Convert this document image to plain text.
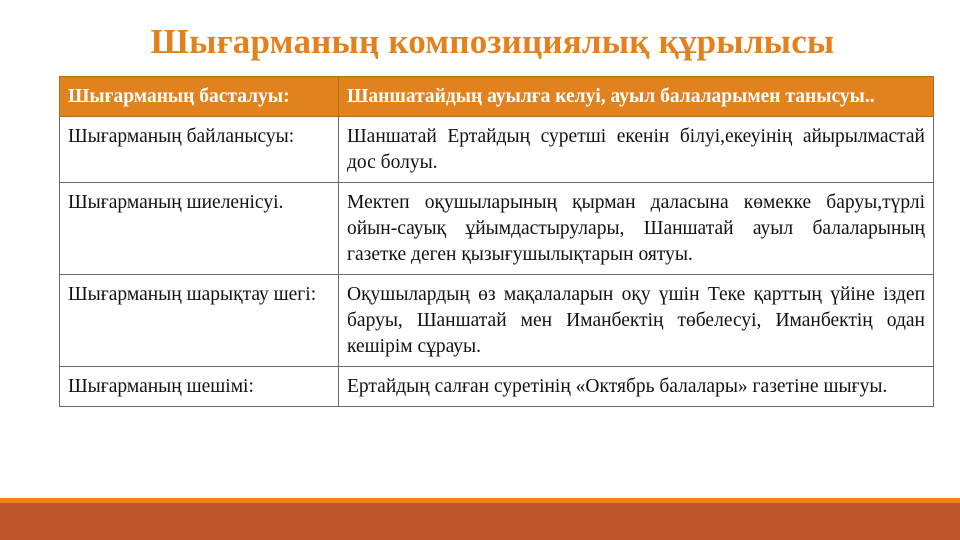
Шығарманың композициялық құрылысы
Шығарманың басталуы:	Шаншатайдың ауылға келуі, ауыл балаларымен танысуы..
Шығарманың байланысуы:	Шаншатай Ертайдың суретші екенін білуі,екеуінің айырылмастай дос болуы.
Шығарманың шиеленісуі.	Мектеп оқушыларының қырман даласына көмекке баруы,түрлі ойын-сауық ұйымдастырулары, Шаншатай ауыл балаларының газетке деген қызығушылықтарын оятуы.
Шығарманың шарықтау шегі:	Оқушылардың өз мақалаларын оқу үшін Теке қарттың үйіне іздеп баруы, Шаншатай мен Иманбектің төбелесуі, Иманбектің одан кешірім сұрауы.
Шығарманың шешімі:	Ертайдың салған суретінің «Октябрь балалары» газетіне шығуы.
